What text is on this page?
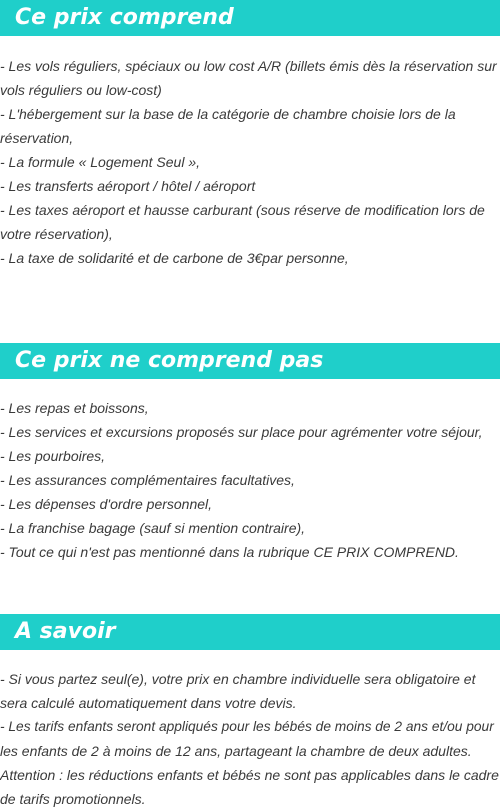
Ce prix comprend
- Les vols réguliers, spéciaux ou low cost A/R (billets émis dès la réservation sur
vols réguliers ou low-cost)
- L'hébergement sur la base de la catégorie de chambre choisie lors de la
réservation,
- La formule « Logement Seul »,
- Les transferts aéroport / hôtel / aéroport
- Les taxes aéroport et hausse carburant (sous réserve de modification lors de
votre réservation),
- La taxe de solidarité et de carbone de 3€par personne,
Ce prix ne comprend pas
- Les repas et boissons,
- Les services et excursions proposés sur place pour agrémenter votre séjour,
- Les pourboires,
- Les assurances complémentaires facultatives,
- Les dépenses d'ordre personnel,
- La franchise bagage (sauf si mention contraire),
- Tout ce qui n'est pas mentionné dans la rubrique CE PRIX COMPREND.
A savoir
- Si vous partez seul(e), votre prix en chambre individuelle sera obligatoire et
sera calculé automatiquement dans votre devis.
- Les tarifs enfants seront appliqués pour les bébés de moins de 2 ans et/ou pour
les enfants de 2 à moins de 12 ans, partageant la chambre de deux adultes.
Attention : les réductions enfants et bébés ne sont pas applicables dans le cadre
de tarifs promotionnels.
